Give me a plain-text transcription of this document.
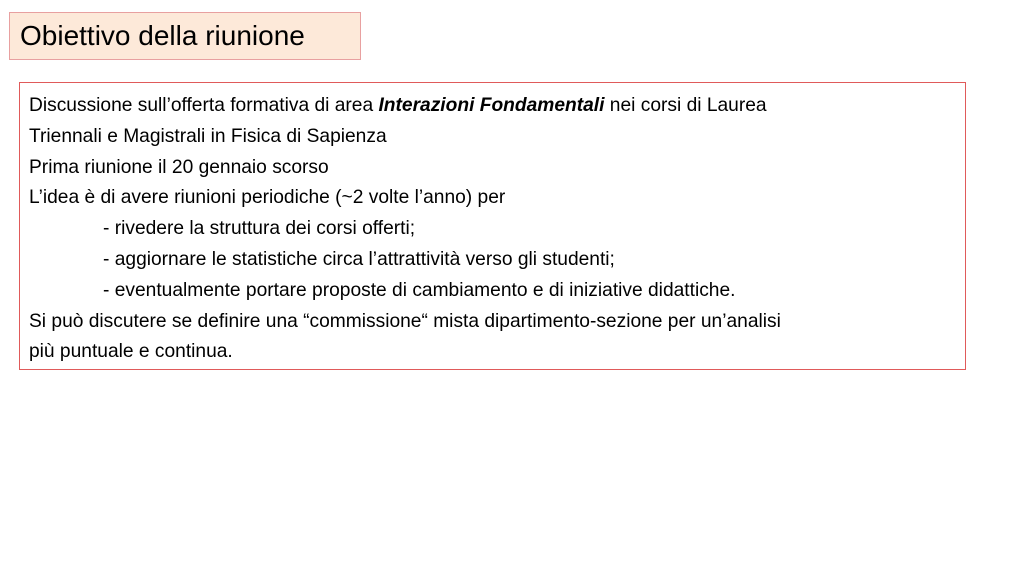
Obiettivo della riunione
Discussione sull’offerta formativa di area Interazioni Fondamentali nei corsi di Laurea
Triennali e Magistrali in Fisica di Sapienza
Prima riunione il 20 gennaio scorso
L’idea è di avere riunioni periodiche (~2 volte l’anno) per
- rivedere la struttura dei corsi offerti;
- aggiornare le statistiche circa l’attrattività verso gli studenti;
- eventualmente portare proposte di cambiamento e di iniziative didattiche.
Si può discutere se definire una “commissione“ mista dipartimento-sezione per un’analisi
più puntuale e continua.
